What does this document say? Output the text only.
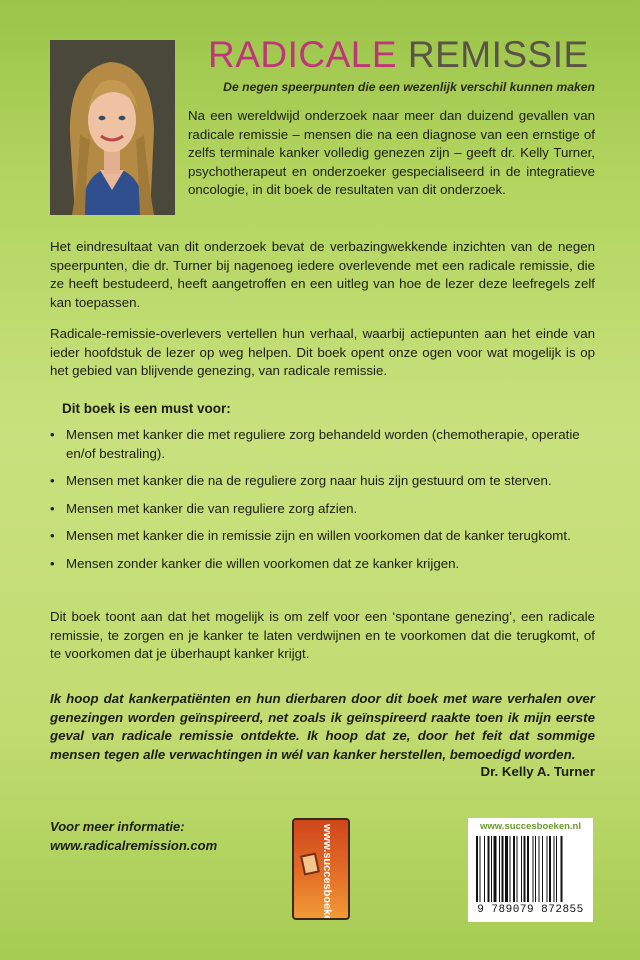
RADICALE REMISSIE
De negen speerpunten die een wezenlijk verschil kunnen maken
Na een wereldwijd onderzoek naar meer dan duizend gevallen van radicale remissie – mensen die na een diagnose van een ernstige of zelfs terminale kanker volledig genezen zijn – geeft dr. Kelly Turner, psychotherapeut en onderzoeker gespecialiseerd in de integratieve oncologie, in dit boek de resultaten van dit onderzoek.
Het eindresultaat van dit onderzoek bevat de verbazingwekkende inzichten van de negen speerpunten, die dr. Turner bij nagenoeg iedere overlevende met een radicale remissie, die ze heeft bestudeerd, heeft aangetroffen en een uitleg van hoe de lezer deze leefregels zelf kan toepassen.
Radicale-remissie-overlevers vertellen hun verhaal, waarbij actiepunten aan het einde van ieder hoofdstuk de lezer op weg helpen. Dit boek opent onze ogen voor wat mogelijk is op het gebied van blijvende genezing, van radicale remissie.
Dit boek is een must voor:
• Mensen met kanker die met reguliere zorg behandeld worden (chemotherapie, operatie en/of bestraling).
• Mensen met kanker die na de reguliere zorg naar huis zijn gestuurd om te sterven.
• Mensen met kanker die van reguliere zorg afzien.
• Mensen met kanker die in remissie zijn en willen voorkomen dat de kanker terugkomt.
• Mensen zonder kanker die willen voorkomen dat ze kanker krijgen.
Dit boek toont aan dat het mogelijk is om zelf voor een ‘spontane genezing’, een radicale remissie, te zorgen en je kanker te laten verdwijnen en te voorkomen dat die terugkomt, of te voorkomen dat je überhaupt kanker krijgt.
Ik hoop dat kankerpatiënten en hun dierbaren door dit boek met ware verhalen over genezingen worden geïnspireerd, net zoals ik geïnspireerd raakte toen ik mijn eerste geval van radicale remissie ontdekte. Ik hoop dat ze, door het feit dat sommige mensen tegen alle verwachtingen in wél van kanker herstellen, bemoedigd worden.
Dr. Kelly A. Turner
Voor meer informatie:
www.radicalremission.com	www.succesboeken.nl	www.succesboeken.nl
9 789079 872855
